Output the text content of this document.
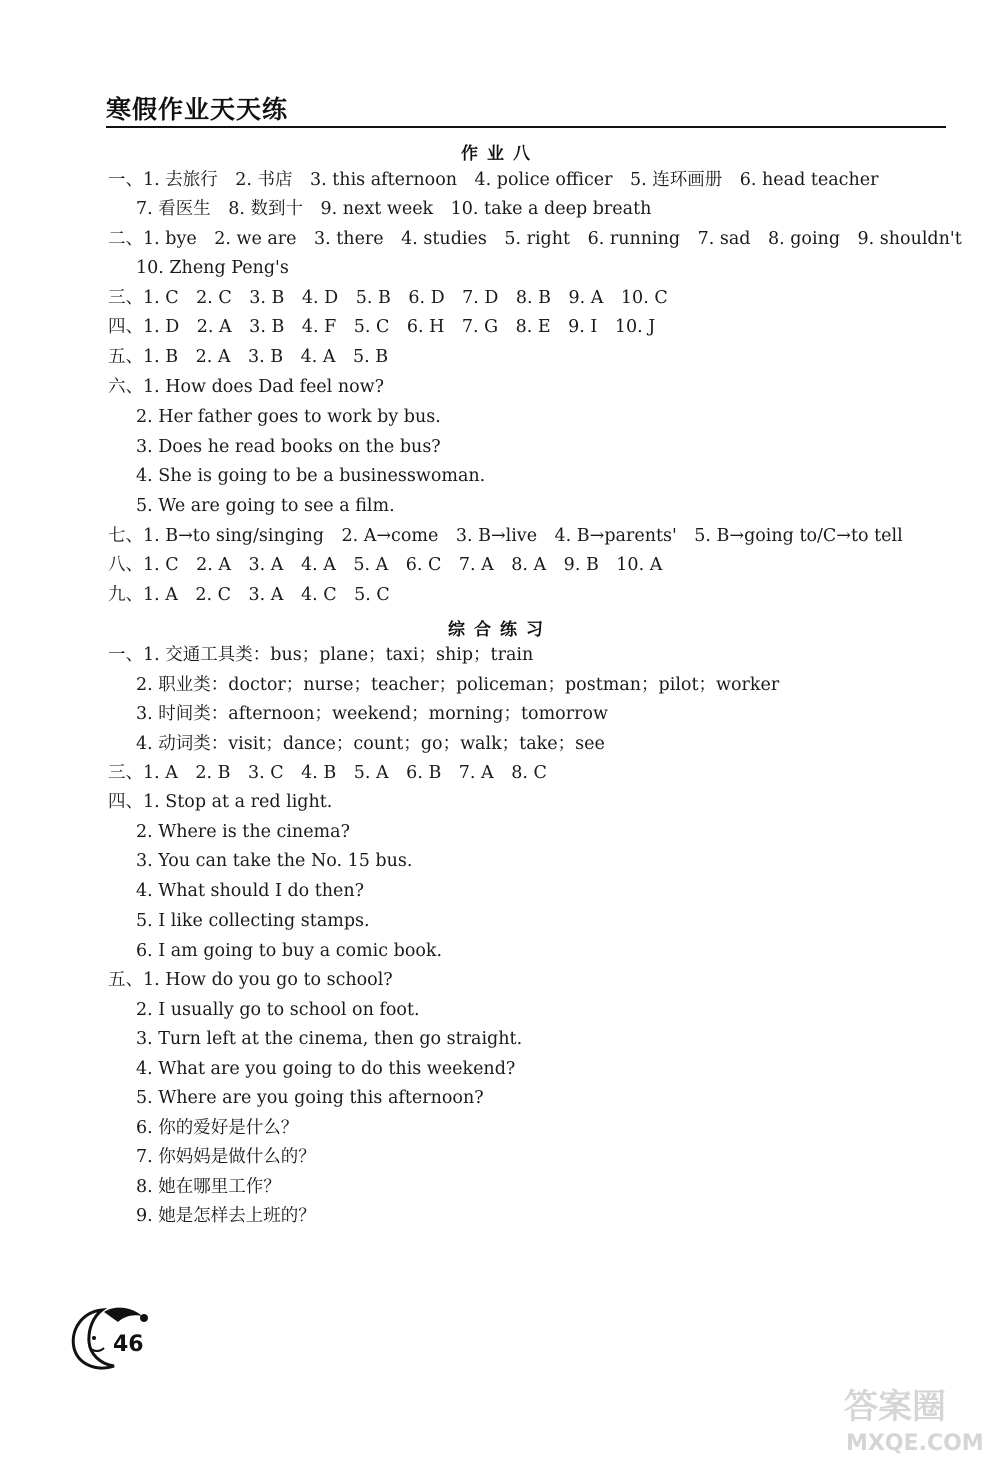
寒假作业天天练
作业八
一、1. 去旅行　2. 书店　3. this afternoon　4. police officer　5. 连环画册　6. head teacher
7. 看医生　8. 数到十　9. next week　10. take a deep breath
二、1. bye　2. we are　3. there　4. studies　5. right　6. running　7. sad　8. going　9. shouldn't
10. Zheng Peng's
三、1. C　2. C　3. B　4. D　5. B　6. D　7. D　8. B　9. A　10. C
四、1. D　2. A　3. B　4. F　5. C　6. H　7. G　8. E　9. I　10. J
五、1. B　2. A　3. B　4. A　5. B
六、1. How does Dad feel now?
2. Her father goes to work by bus.
3. Does he read books on the bus?
4. She is going to be a businesswoman.
5. We are going to see a film.
七、1. B→to sing/singing　2. A→come　3. B→live　4. B→parents'　5. B→going to/C→to tell
八、1. C　2. A　3. A　4. A　5. A　6. C　7. A　8. A　9. B　10. A
九、1. A　2. C　3. A　4. C　5. C
综合练习
一、1. 交通工具类：bus；plane；taxi；ship；train
2. 职业类：doctor；nurse；teacher；policeman；postman；pilot；worker
3. 时间类：afternoon；weekend；morning；tomorrow
4. 动词类：visit；dance；count；go；walk；take；see
三、1. A　2. B　3. C　4. B　5. A　6. B　7. A　8. C
四、1. Stop at a red light.
2. Where is the cinema?
3. You can take the No. 15 bus.
4. What should I do then?
5. I like collecting stamps.
6. I am going to buy a comic book.
五、1. How do you go to school?
2. I usually go to school on foot.
3. Turn left at the cinema, then go straight.
4. What are you going to do this weekend?
5. Where are you going this afternoon?
6. 你的爱好是什么？
7. 你妈妈是做什么的？
8. 她在哪里工作？
9. 她是怎样去上班的？
46
答案圈
MXQE.COM
